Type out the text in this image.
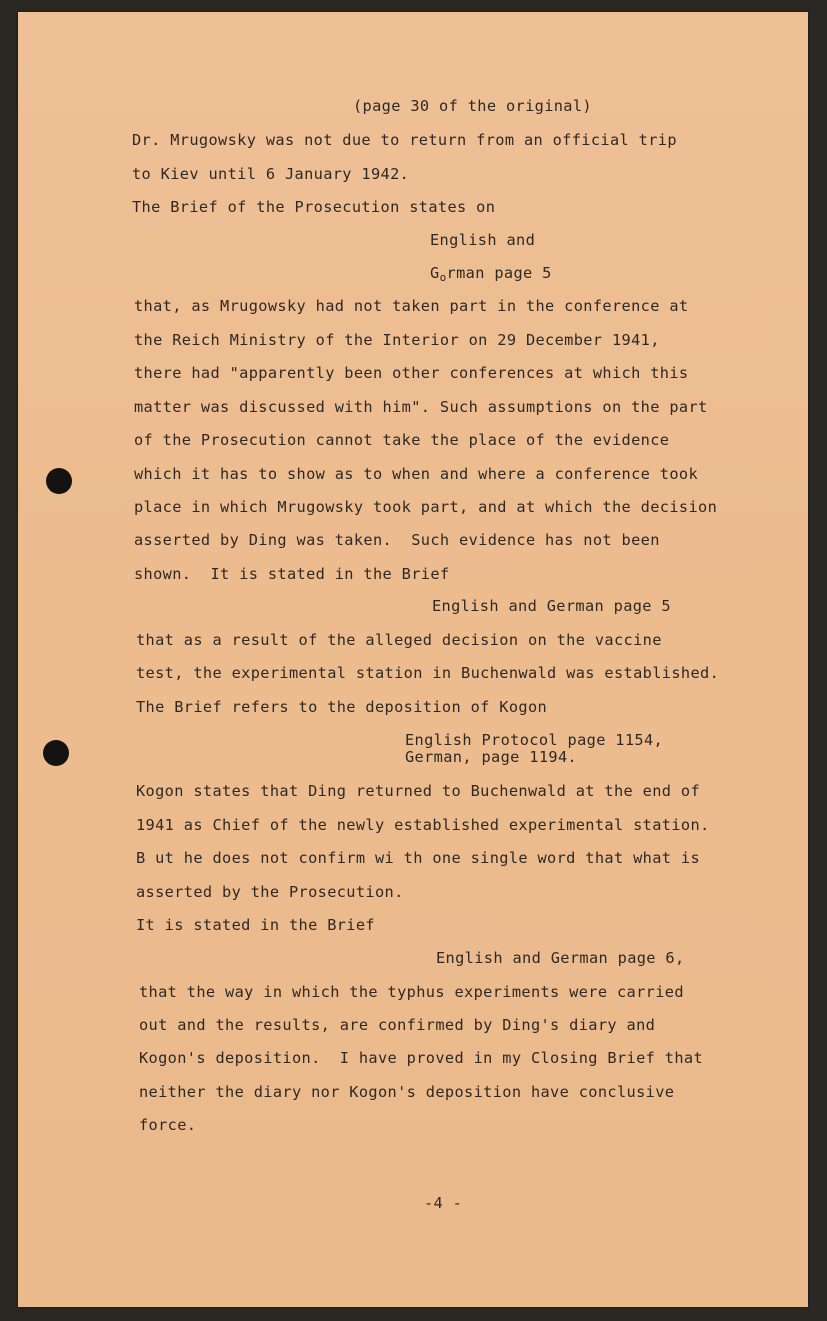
(page 30 of the original)
Dr. Mrugowsky was not due to return from an official trip
to Kiev until 6 January 1942.
The Brief of the Prosecution states on
English and
$G_orman$ page 5
that, as Mrugowsky had not taken part in the conference at
the Reich Ministry of the Interior on 29 December 1941,
there had "apparently been other conferences at which this
matter was discussed with him". Such assumptions on the part
of the Prosecution cannot take the place of the evidence
which it has to show as to when and where a conference took
place in which Mrugowsky took part, and at which the decision
asserted by Ding was taken.  Such evidence has not been
shown.  It is stated in the Brief
English and German page 5
that as a result of the alleged decision on the vaccine
test, the experimental station in Buchenwald was established.
The Brief refers to the deposition of Kogon
English Protocol page 1154,
German, page 1194.
Kogon states that Ding returned to Buchenwald at the end of
1941 as Chief of the newly established experimental station.
B ut he does not confirm wi th one single word that what is
asserted by the Prosecution.
It is stated in the Brief
English and German page 6,
that the way in which the typhus experiments were carried
out and the results, are confirmed by Ding's diary and
Kogon's deposition.  I have proved in my Closing Brief that
neither the diary nor Kogon's deposition have conclusive
force.
-4 -
